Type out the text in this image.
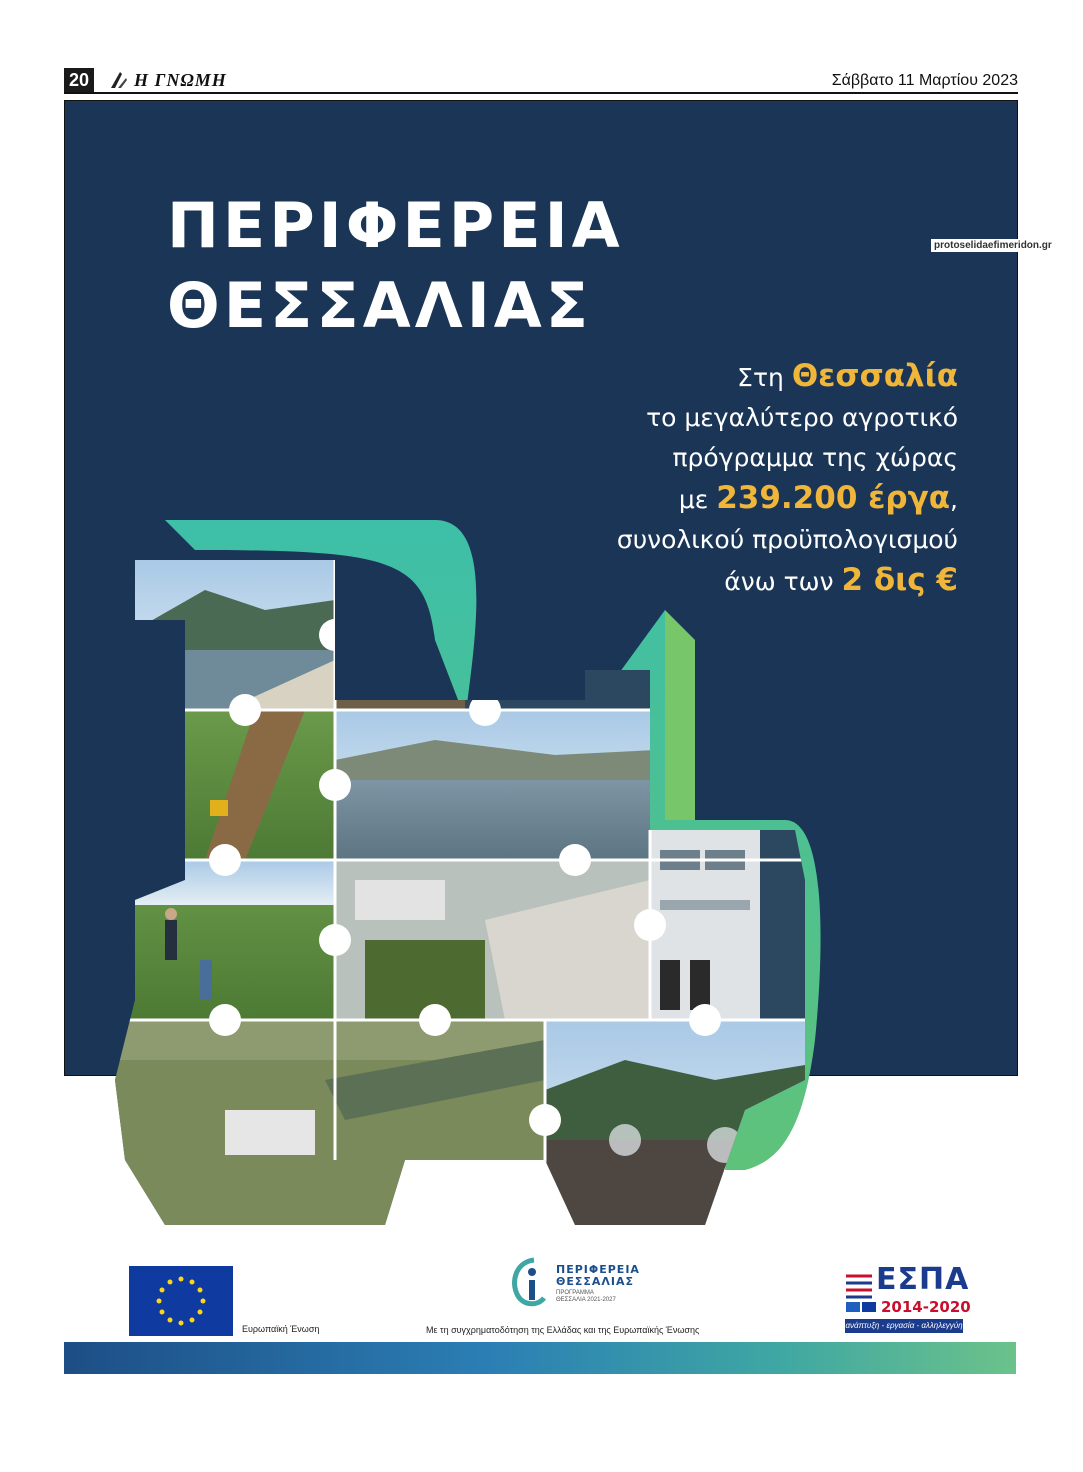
20 Η ΓΝΩΜΗ	Σάββατο 11 Μαρτίου 2023
ΠΕΡΙΦΕΡΕΙΑ
ΘΕΣΣΑΛΙΑΣ
Στη Θεσσαλία
το μεγαλύτερο αγροτικό
πρόγραμμα της χώρας
με 239.200 έργα,
συνολικού προϋπολογισμού
άνω των 2 δις €
protoselidaefimeridon.gr
Ευρωπαϊκή Ένωση
ΠΕΡΙΦΕΡΕΙΑ
ΘΕΣΣΑΛΙΑΣ
ΠΡΟΓΡΑΜΜΑ
ΘΕΣΣΑΛΙΑ 2021-2027
Με τη συγχρηματοδότηση της Ελλάδας και της Ευρωπαϊκής Ένωσης
ΕΣΠΑ
2014-2020
ανάπτυξη - εργασία - αλληλεγγύη
